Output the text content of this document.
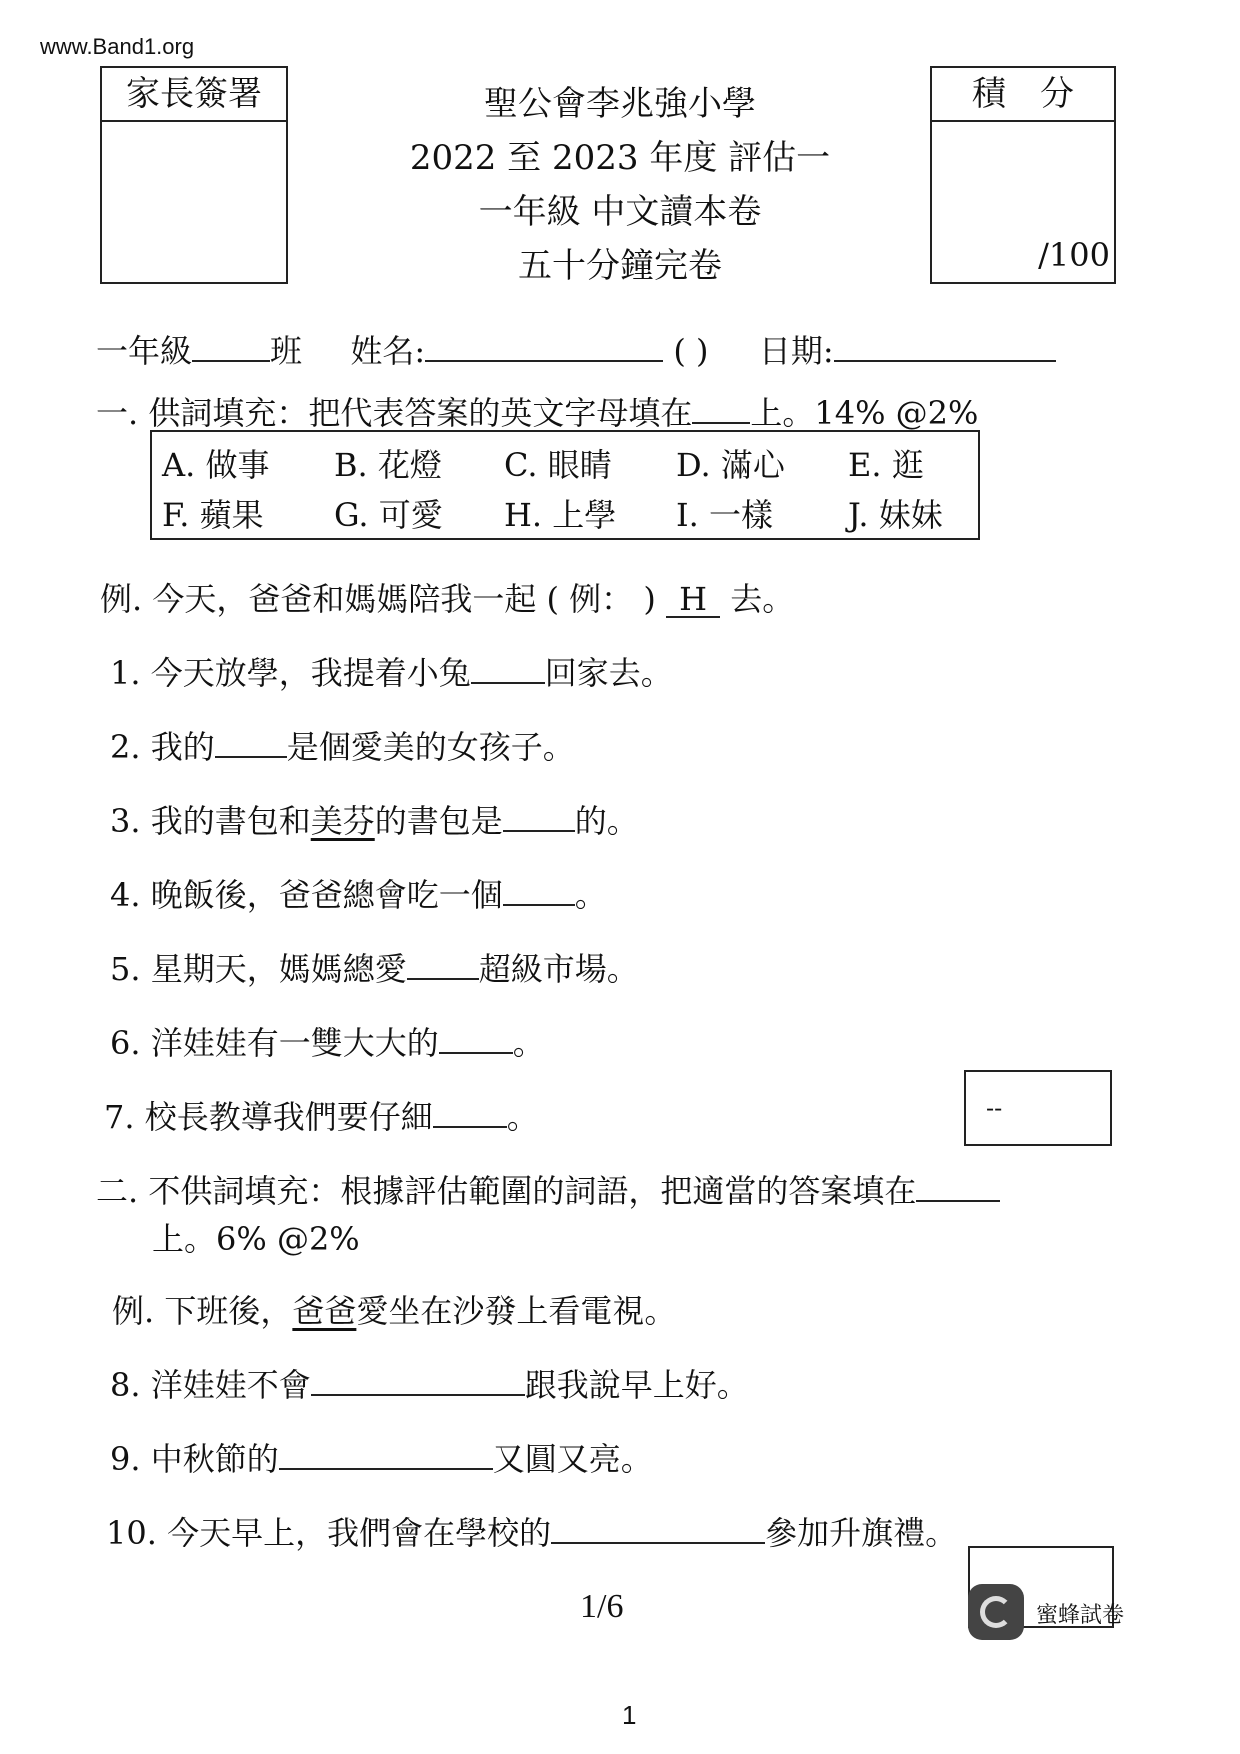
www.Band1.org
家長簽署	聖公會李兆強小學
2022 至 2023 年度 評估一
一年級 中文讀本卷
五十分鐘完卷
積　分
/100
一年級 班 姓名:	( ) 日期:
一. 供詞填充：把代表答案的英文字母填在 上。14% @2%
A. 做事 B. 花燈 C. 眼睛 D. 滿心 E. 逛
F. 蘋果 G. 可愛 H. 上學 I. 一樣 J. 妹妹
例. 今天，爸爸和媽媽陪我一起 ( 例： ) H 去。
1. 今天放學，我提着小兔 回家去。
2. 我的 是個愛美的女孩子。
3. 我的書包和美芬的書包是 的。
4. 晚飯後，爸爸總會吃一個 。
5. 星期天，媽媽總愛 超級市場。
6. 洋娃娃有一雙大大的 。
7. 校長教導我們要仔細 。	--
二. 不供詞填充：根據評估範圍的詞語，把適當的答案填在
上。6% @2%
例. 下班後，爸爸愛坐在沙發上看電視。
8. 洋娃娃不會	跟我說早上好。
9. 中秋節的	又圓又亮。
10. 今天早上，我們會在學校的	參加升旗禮。
1/6	蜜蜂試卷
1
